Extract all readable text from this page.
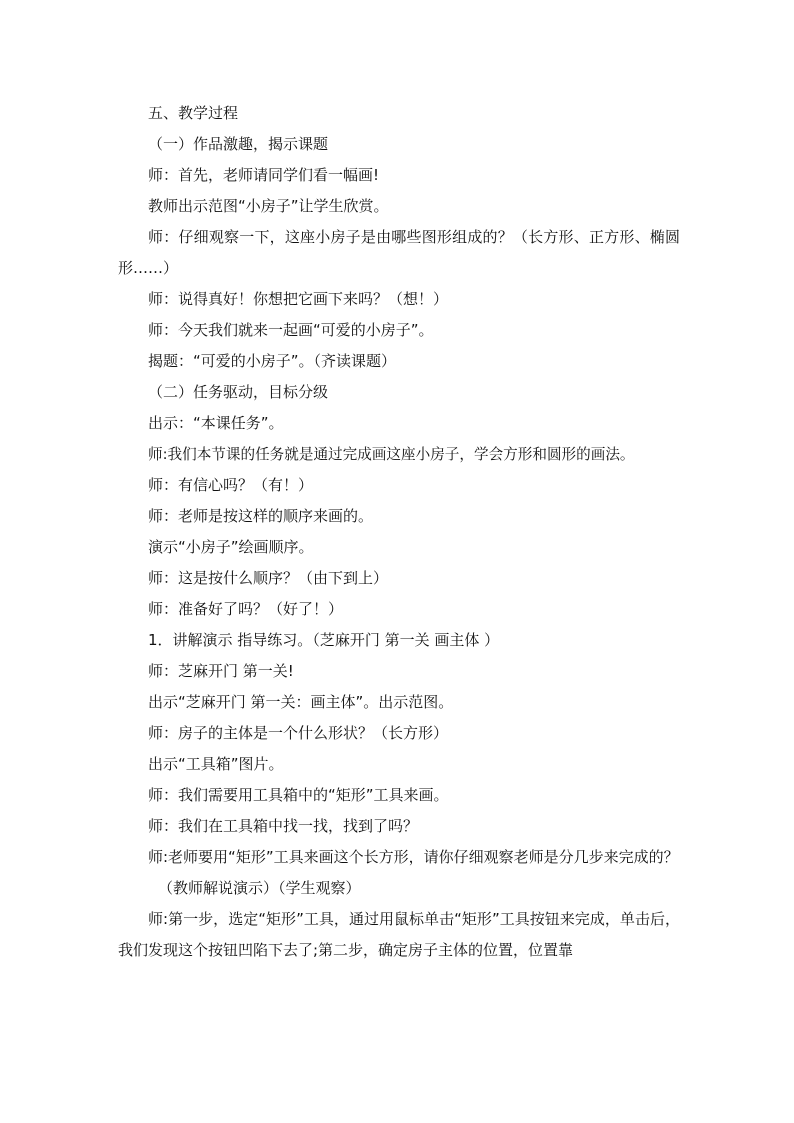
五、教学过程

（一）作品激趣，揭示课题

师：首先，老师请同学们看一幅画!

教师出示范图“小房子”让学生欣赏。

师：仔细观察一下，这座小房子是由哪些图形组成的？（长方形、正方形、椭圆形……）

师：说得真好！你想把它画下来吗？（想！）

师：今天我们就来一起画“可爱的小房子”。

揭题：“可爱的小房子”。（齐读课题）

（二）任务驱动，目标分级

出示：“本课任务”。

师:我们本节课的任务就是通过完成画这座小房子，学会方形和圆形的画法。

师：有信心吗？（有！）

师：老师是按这样的顺序来画的。

演示“小房子”绘画顺序。

师：这是按什么顺序？（由下到上）

师：准备好了吗？（好了！）

1．讲解演示 指导练习。（芝麻开门 第一关 画主体 ）

师：芝麻开门 第一关!

出示“芝麻开门 第一关：画主体”。出示范图。

师：房子的主体是一个什么形状？（长方形）

出示“工具箱”图片。

师：我们需要用工具箱中的“矩形”工具来画。

师：我们在工具箱中找一找，找到了吗？

师:老师要用“矩形”工具来画这个长方形，请你仔细观察老师是分几步来完成的？

（教师解说演示）（学生观察）

师:第一步，选定“矩形”工具，通过用鼠标单击“矩形”工具按钮来完成，单击后，我们发现这个按钮凹陷下去了;第二步，确定房子主体的位置，位置靠
